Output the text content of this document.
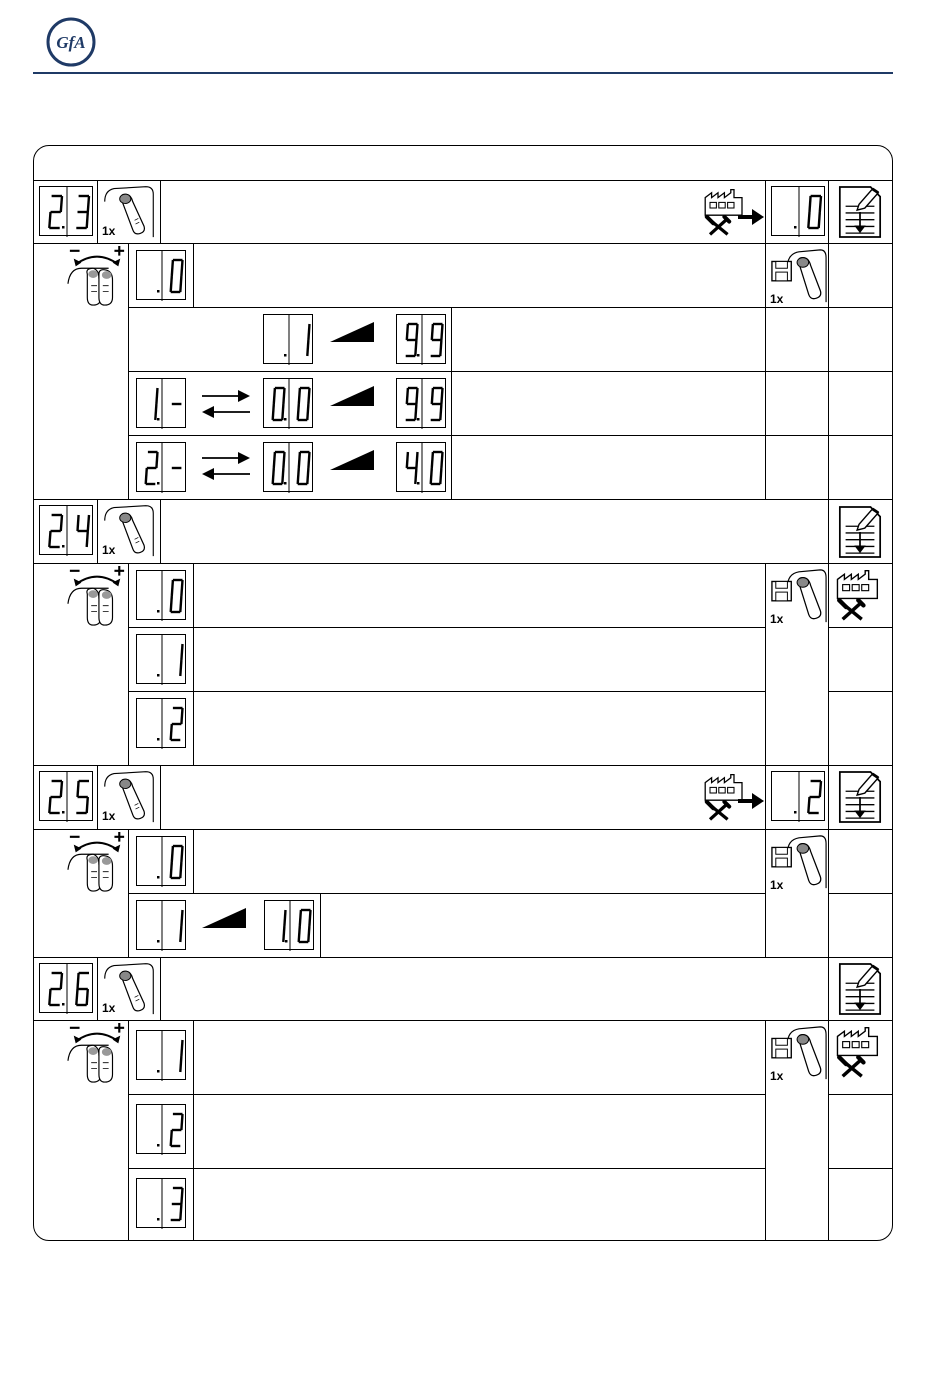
GfA
1x
1x
1x
1x
1x
1x
1x
1x
